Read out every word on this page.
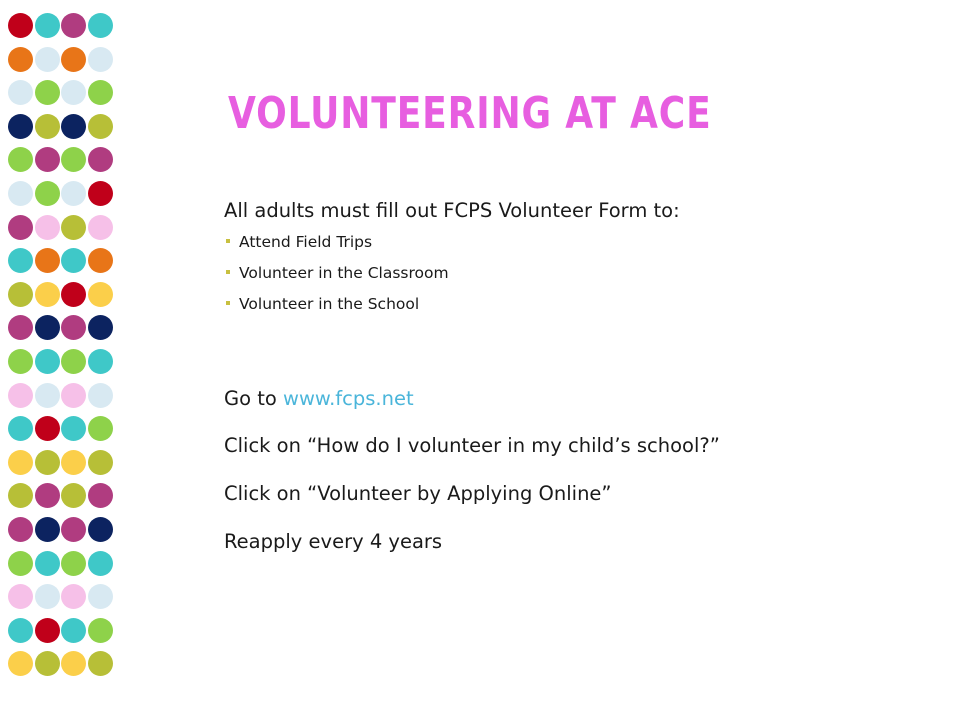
VOLUNTEERING AT ACE
All adults must fill out FCPS Volunteer Form to:
Attend Field Trips
Volunteer in the Classroom
Volunteer in the School
Go to www.fcps.net
Click on “How do I volunteer in my child’s school?”
Click on “Volunteer by Applying Online”
Reapply every 4 years
